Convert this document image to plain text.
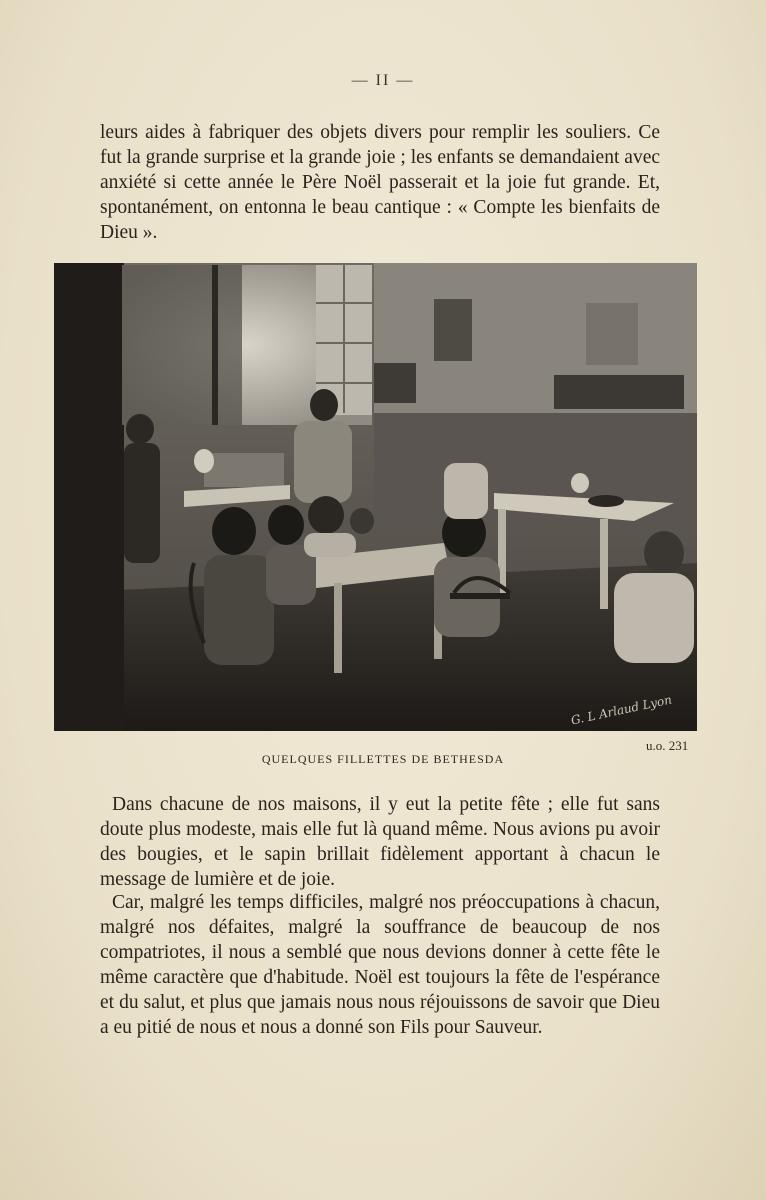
— II —

leurs aides à fabriquer des objets divers pour remplir les souliers. Ce fut la grande surprise et la grande joie ; les enfants se demandaient avec anxiété si cette année le Père Noël passerait et la joie fut grande. Et, spontanément, on entonna le beau cantique : « Compte les bienfaits de Dieu ».

G. L Arlaud Lyon
u.o. 231
QUELQUES FILLETTES DE BETHESDA

Dans chacune de nos maisons, il y eut la petite fête ; elle fut sans doute plus modeste, mais elle fut là quand même. Nous avions pu avoir des bougies, et le sapin brillait fidèlement apportant à chacun le message de lumière et de joie.

Car, malgré les temps difficiles, malgré nos préoccupations à chacun, malgré nos défaites, malgré la souffrance de beaucoup de nos compatriotes, il nous a semblé que nous devions donner à cette fête le même caractère que d'habitude. Noël est toujours la fête de l'espérance et du salut, et plus que jamais nous nous réjouissons de savoir que Dieu a eu pitié de nous et nous a donné son Fils pour Sauveur.
